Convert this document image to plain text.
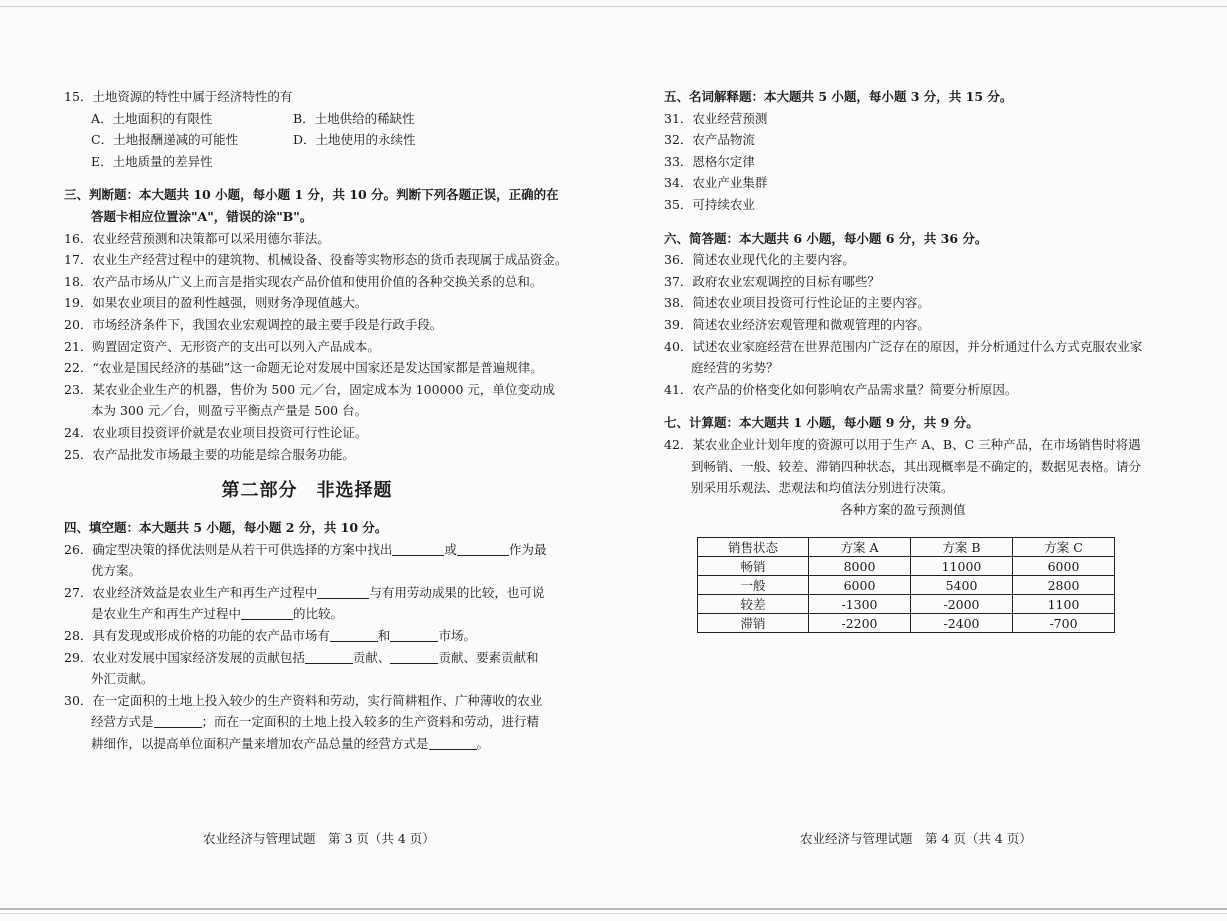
15．土地资源的特性中属于经济特性的有
A．土地面积的有限性	B．土地供给的稀缺性
C．土地报酬递减的可能性	D．土地使用的永续性
E．土地质量的差异性
三、判断题：本大题共 10 小题，每小题 1 分，共 10 分。判断下列各题正误，正确的在
答题卡相应位置涂"A"，错误的涂"B"。
16．农业经营预测和决策都可以采用德尔菲法。
17．农业生产经营过程中的建筑物、机械设备、役畜等实物形态的货币表现属于成品资金。
18．农产品市场从广义上而言是指实现农产品价值和使用价值的各种交换关系的总和。
19．如果农业项目的盈利性越强，则财务净现值越大。
20．市场经济条件下，我国农业宏观调控的最主要手段是行政手段。
21．购置固定资产、无形资产的支出可以列入产品成本。
22．“农业是国民经济的基础”这一命题无论对发展中国家还是发达国家都是普遍规律。
23．某农业企业生产的机器，售价为 500 元／台，固定成本为 100000 元，单位变动成
本为 300 元／台，则盈亏平衡点产量是 500 台。
24．农业项目投资评价就是农业项目投资可行性论证。
25．农产品批发市场最主要的功能是综合服务功能。
第二部分　非选择题
四、填空题：本大题共 5 小题，每小题 2 分，共 10 分。
26．确定型决策的择优法则是从若干可供选择的方案中找出	或	作为最
优方案。
27．农业经济效益是农业生产和再生产过程中	与有用劳动成果的比较，也可说
是农业生产和再生产过程中	的比较。
28．具有发现或形成价格的功能的农产品市场有	和	市场。
29．农业对发展中国家经济发展的贡献包括	贡献、	贡献、要素贡献和
外汇贡献。
30．在一定面积的土地上投入较少的生产资料和劳动，实行简耕粗作、广种薄收的农业
经营方式是	；而在一定面积的土地上投入较多的生产资料和劳动，进行精
耕细作，以提高单位面积产量来增加农产品总量的经营方式是	。
五、名词解释题：本大题共 5 小题，每小题 3 分，共 15 分。
31．农业经营预测
32．农产品物流
33．恩格尔定律
34．农业产业集群
35．可持续农业
六、简答题：本大题共 6 小题，每小题 6 分，共 36 分。
36．简述农业现代化的主要内容。
37．政府农业宏观调控的目标有哪些？
38．简述农业项目投资可行性论证的主要内容。
39．简述农业经济宏观管理和微观管理的内容。
40．试述农业家庭经营在世界范围内广泛存在的原因，并分析通过什么方式克服农业家
庭经营的劣势？
41．农产品的价格变化如何影响农产品需求量？简要分析原因。
七、计算题：本大题共 1 小题，每小题 9 分，共 9 分。
42．某农业企业计划年度的资源可以用于生产 A、B、C 三种产品，在市场销售时将遇
到畅销、一般、较差、滞销四种状态，其出现概率是不确定的，数据见表格。请分
别采用乐观法、悲观法和均值法分别进行决策。
各种方案的盈亏预测值
销售状态	方案 A	方案 B	方案 C
畅销	8000	11000	6000
一般	6000	5400	2800
较差	-1300	-2000	1100
滞销	-2200	-2400	-700
农业经济与管理试题　第 3 页（共 4 页）	农业经济与管理试题　第 4 页（共 4 页）
